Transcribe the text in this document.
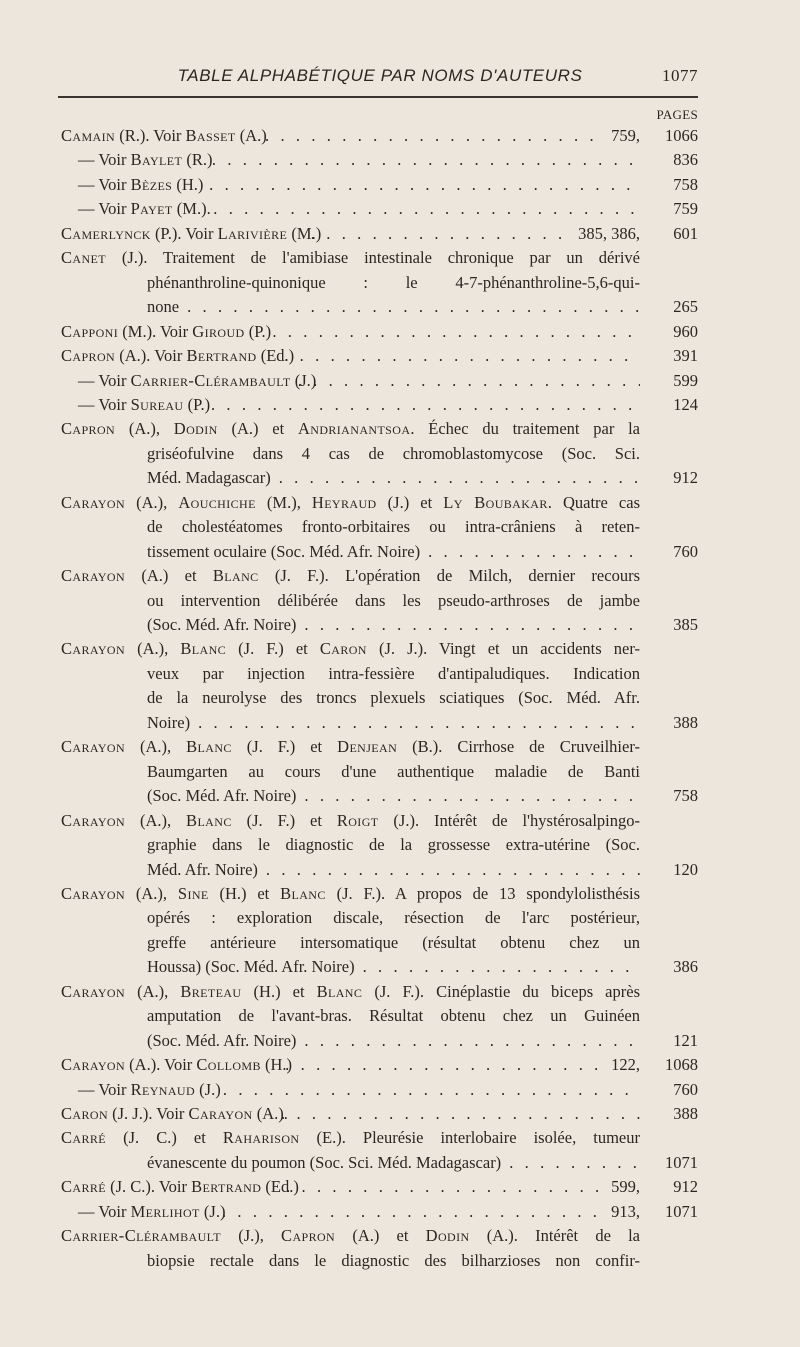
TABLE ALPHABÉTIQUE PAR NOMS D'AUTEURS	1077
PAGES
Camain (R.). Voir Basset (A.)	759, 1066
. . .
— Voir Baylet (R.)	836
. . .
— Voir Bèzes (H.)	758
. . .
— Voir Payet (M.).	759
. . .
Camerlynck (P.). Voir Larivière (M.)	385, 386, 601
. . .
Canet (J.). Traitement de l'amibiase intestinale chronique par un dérivé
phénanthroline-quinonique : le 4-7-phénanthroline-5,6-qui-
none	265
. . .
Capponi (M.). Voir Giroud (P.)	960
. . .
Capron (A.). Voir Bertrand (Ed.)	391
. . .
— Voir Carrier-Clérambault (J.)	599
. . .
— Voir Sureau (P.)	124
. . .
Capron (A.), Dodin (A.) et Andrianantsoa. Échec du traitement par la
griséofulvine dans 4 cas de chromoblastomycose (Soc. Sci.
Méd. Madagascar)	912
. . .
Carayon (A.), Aouchiche (M.), Heyraud (J.) et Ly Boubakar. Quatre cas
de cholestéatomes fronto-orbitaires ou intra-crâniens à reten-
tissement oculaire (Soc. Méd. Afr. Noire)	760
. . .
Carayon (A.) et Blanc (J. F.). L'opération de Milch, dernier recours
ou intervention délibérée dans les pseudo-arthroses de jambe
(Soc. Méd. Afr. Noire)	385
. . .
Carayon (A.), Blanc (J. F.) et Caron (J. J.). Vingt et un accidents ner-
veux par injection intra-fessière d'antipaludiques. Indication
de la neurolyse des troncs plexuels sciatiques (Soc. Méd. Afr.
Noire)	388
. . .
Carayon (A.), Blanc (J. F.) et Denjean (B.). Cirrhose de Cruveilhier-
Baumgarten au cours d'une authentique maladie de Banti
(Soc. Méd. Afr. Noire)	758
. . .
Carayon (A.), Blanc (J. F.) et Roigt (J.). Intérêt de l'hystérosalpingo-
graphie dans le diagnostic de la grossesse extra-utérine (Soc.
Méd. Afr. Noire)	120
. . .
Carayon (A.), Sine (H.) et Blanc (J. F.). A propos de 13 spondylolisthésis
opérés : exploration discale, résection de l'arc postérieur,
greffe antérieure intersomatique (résultat obtenu chez un
Houssa) (Soc. Méd. Afr. Noire)	386
. . .
Carayon (A.), Breteau (H.) et Blanc (J. F.). Cinéplastie du biceps après
amputation de l'avant-bras. Résultat obtenu chez un Guinéen
(Soc. Méd. Afr. Noire)	121
. . .
Carayon (A.). Voir Collomb (H.)	122, 1068
. . .
— Voir Reynaud (J.)	760
. . .
Caron (J. J.). Voir Carayon (A.).	388
. . .
Carré (J. C.) et Raharison (E.). Pleurésie interlobaire isolée, tumeur
évanescente du poumon (Soc. Sci. Méd. Madagascar)	1071
. . .
Carré (J. C.). Voir Bertrand (Ed.)	599, 912
. . .
— Voir Merlihot (J.)	913, 1071
. . .
Carrier-Clérambault (J.), Capron (A.) et Dodin (A.). Intérêt de la
biopsie rectale dans le diagnostic des bilharzioses non confir-
